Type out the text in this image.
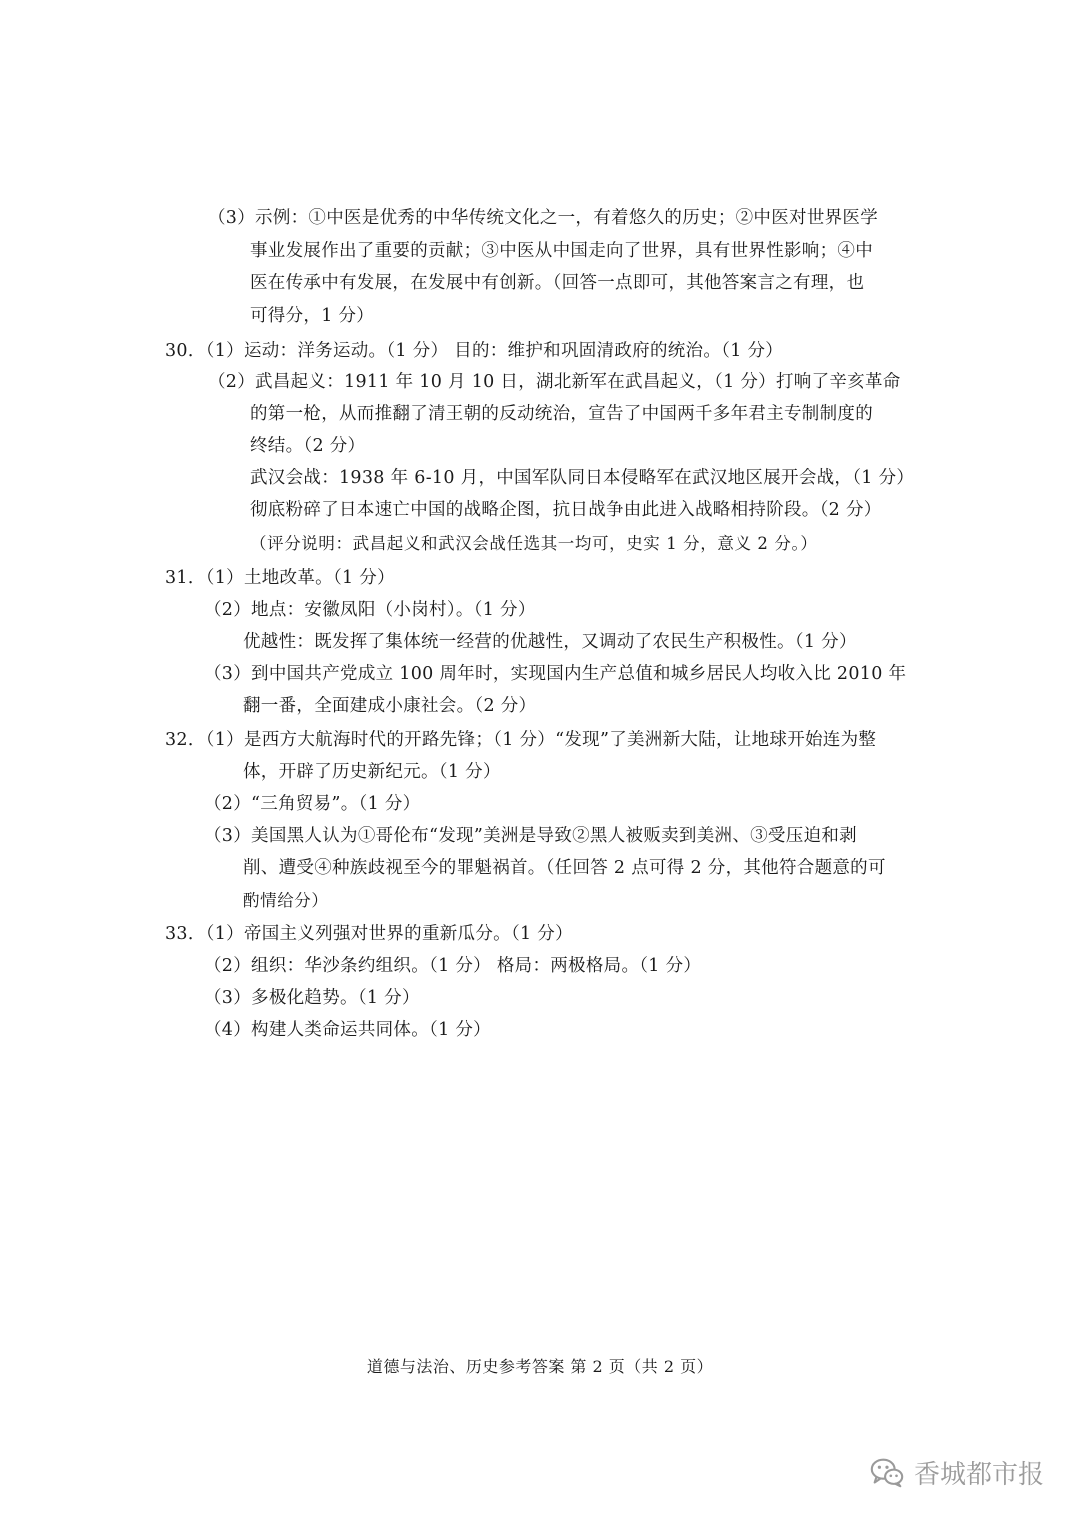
（3）示例：①中医是优秀的中华传统文化之一，有着悠久的历史；②中医对世界医学
事业发展作出了重要的贡献；③中医从中国走向了世界，具有世界性影响；④中
医在传承中有发展，在发展中有创新。（回答一点即可，其他答案言之有理，也
可得分，1 分）
30．（1）运动：洋务运动。（1 分） 目的：维护和巩固清政府的统治。（1 分）
（2）武昌起义：1911 年 10 月 10 日，湖北新军在武昌起义，（1 分）打响了辛亥革命
的第一枪，从而推翻了清王朝的反动统治，宣告了中国两千多年君主专制制度的
终结。（2 分）
武汉会战：1938 年 6-10 月，中国军队同日本侵略军在武汉地区展开会战，（1 分）
彻底粉碎了日本速亡中国的战略企图，抗日战争由此进入战略相持阶段。（2 分）
（评分说明：武昌起义和武汉会战任选其一均可，史实 1 分，意义 2 分。）
31．（1）土地改革。（1 分）
（2）地点：安徽凤阳（小岗村）。（1 分）
优越性：既发挥了集体统一经营的优越性，又调动了农民生产积极性。（1 分）
（3）到中国共产党成立 100 周年时，实现国内生产总值和城乡居民人均收入比 2010 年
翻一番，全面建成小康社会。（2 分）
32．（1）是西方大航海时代的开路先锋；（1 分）“发现”了美洲新大陆，让地球开始连为整
体，开辟了历史新纪元。（1 分）
（2）“三角贸易”。（1 分）
（3）美国黑人认为①哥伦布“发现”美洲是导致②黑人被贩卖到美洲、③受压迫和剥
削、遭受④种族歧视至今的罪魁祸首。（任回答 2 点可得 2 分，其他符合题意的可
酌情给分）
33．（1）帝国主义列强对世界的重新瓜分。（1 分）
（2）组织：华沙条约组织。（1 分） 格局：两极格局。（1 分）
（3）多极化趋势。（1 分）
（4）构建人类命运共同体。（1 分）
道德与法治、历史参考答案 第 2 页（共 2 页）
香城都市报
